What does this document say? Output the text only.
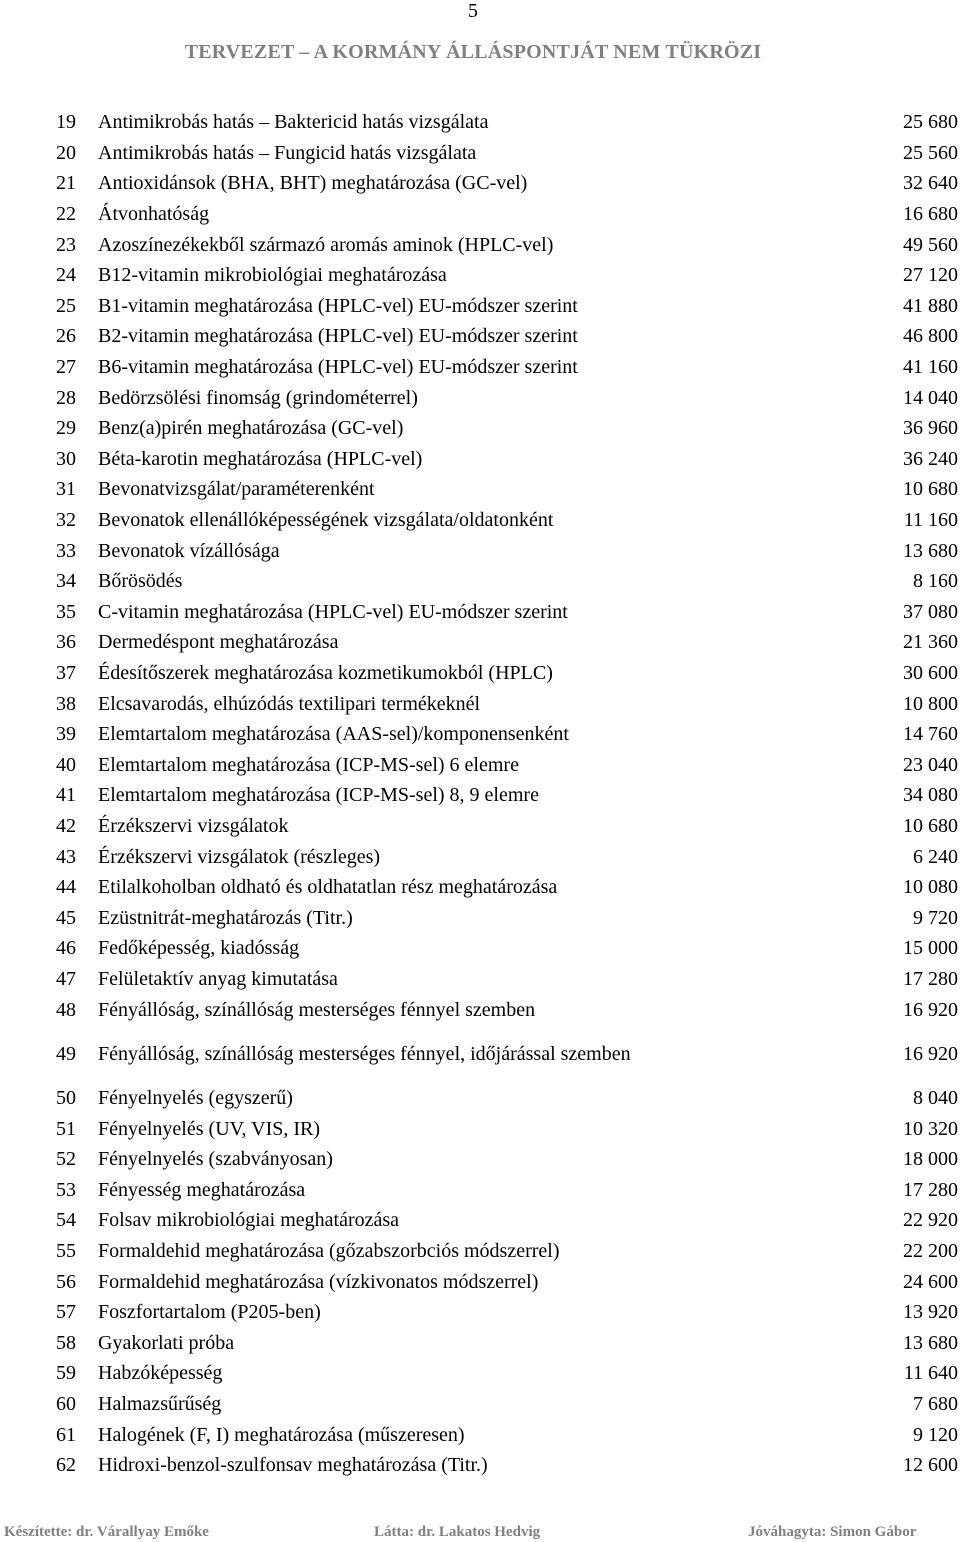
5
TERVEZET – A KORMÁNY ÁLLÁSPONTJÁT NEM TÜKRÖZI
19	Antimikrobás hatás – Baktericid hatás vizsgálata	25 680
20	Antimikrobás hatás – Fungicid hatás vizsgálata	25 560
21	Antioxidánsok (BHA, BHT) meghatározása (GC-vel)	32 640
22	Átvonhatóság	16 680
23	Azoszínezékekből származó aromás aminok (HPLC-vel)	49 560
24	B12-vitamin mikrobiológiai meghatározása	27 120
25	B1-vitamin meghatározása (HPLC-vel) EU-módszer szerint	41 880
26	B2-vitamin meghatározása (HPLC-vel) EU-módszer szerint	46 800
27	B6-vitamin meghatározása (HPLC-vel) EU-módszer szerint	41 160
28	Bedörzsölési finomság (grindométerrel)	14 040
29	Benz(a)pirén meghatározása (GC-vel)	36 960
30	Béta-karotin meghatározása (HPLC-vel)	36 240
31	Bevonatvizsgálat/paraméterenként	10 680
32	Bevonatok ellenállóképességének vizsgálata/oldatonként	11 160
33	Bevonatok vízállósága	13 680
34	Bőrösödés	8 160
35	C-vitamin meghatározása (HPLC-vel) EU-módszer szerint	37 080
36	Dermedéspont meghatározása	21 360
37	Édesítőszerek meghatározása kozmetikumokból (HPLC)	30 600
38	Elcsavarodás, elhúzódás textilipari termékeknél	10 800
39	Elemtartalom meghatározása (AAS-sel)/komponensenként	14 760
40	Elemtartalom meghatározása (ICP-MS-sel) 6 elemre	23 040
41	Elemtartalom meghatározása (ICP-MS-sel) 8, 9 elemre	34 080
42	Érzékszervi vizsgálatok	10 680
43	Érzékszervi vizsgálatok (részleges)	6 240
44	Etilalkoholban oldható és oldhatatlan rész meghatározása	10 080
45	Ezüstnitrát-meghatározás (Titr.)	9 720
46	Fedőképesség, kiadósság	15 000
47	Felületaktív anyag kimutatása	17 280
48	Fényállóság, színállóság mesterséges fénnyel szemben	16 920
49	Fényállóság, színállóság mesterséges fénnyel, időjárással szemben	16 920
50	Fényelnyelés (egyszerű)	8 040
51	Fényelnyelés (UV, VIS, IR)	10 320
52	Fényelnyelés (szabványosan)	18 000
53	Fényesség meghatározása	17 280
54	Folsav mikrobiológiai meghatározása	22 920
55	Formaldehid meghatározása (gőzabszorbciós módszerrel)	22 200
56	Formaldehid meghatározása (vízkivonatos módszerrel)	24 600
57	Foszfortartalom (P205-ben)	13 920
58	Gyakorlati próba	13 680
59	Habzóképesség	11 640
60	Halmazsűrűség	7 680
61	Halogének (F, I) meghatározása (műszeresen)	9 120
62	Hidroxi-benzol-szulfonsav meghatározása (Titr.)	12 600
Készítette: dr. Várallyay Emőke	Látta: dr. Lakatos Hedvig	Jóváhagyta: Simon Gábor
